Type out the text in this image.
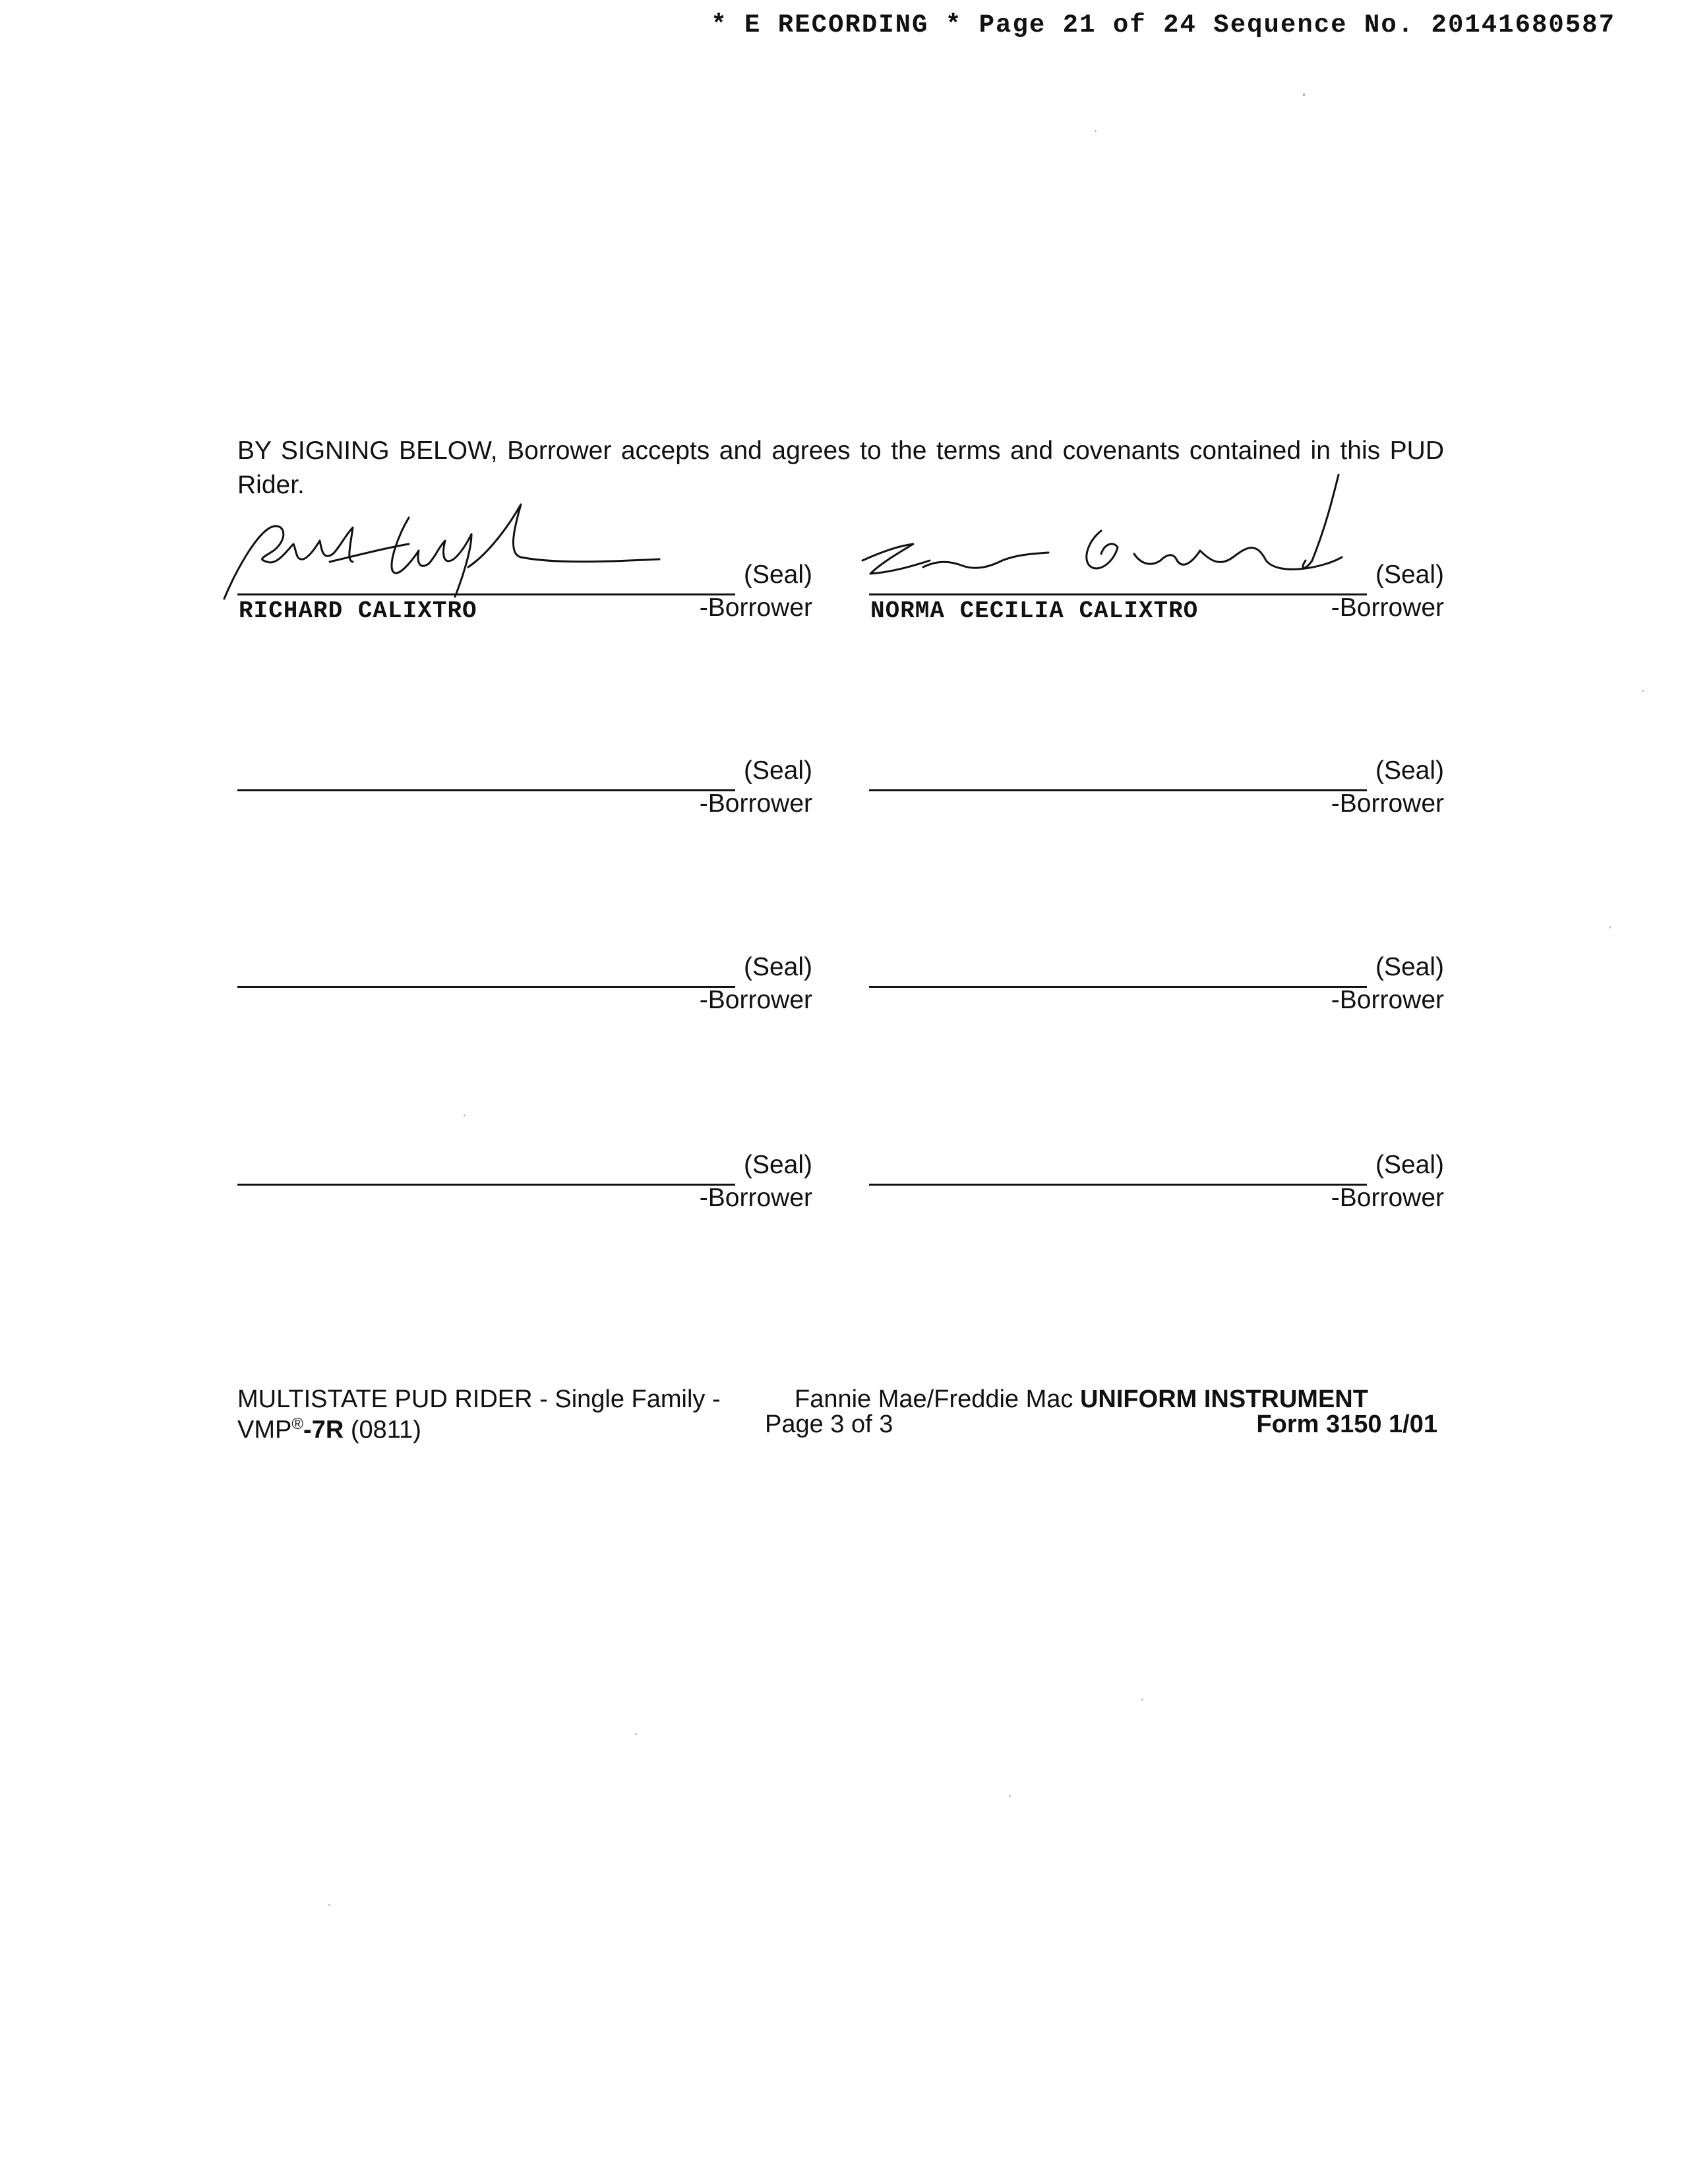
* E RECORDING * Page 21 of 24 Sequence No. 20141680587
BY SIGNING BELOW, Borrower accepts and agrees to the terms and covenants contained in this PUD Rider.
(Seal)
-Borrower
RICHARD CALIXTRO
(Seal)
-Borrower
NORMA CECILIA CALIXTRO
(Seal)
-Borrower
(Seal)
-Borrower
(Seal)
-Borrower
(Seal)
-Borrower
(Seal)
-Borrower
(Seal)
-Borrower
MULTISTATE PUD RIDER - Single Family -	Fannie Mae/Freddie Mac UNIFORM INSTRUMENT
VMP®-7R (0811)	Page 3 of 3	Form 3150 1/01
